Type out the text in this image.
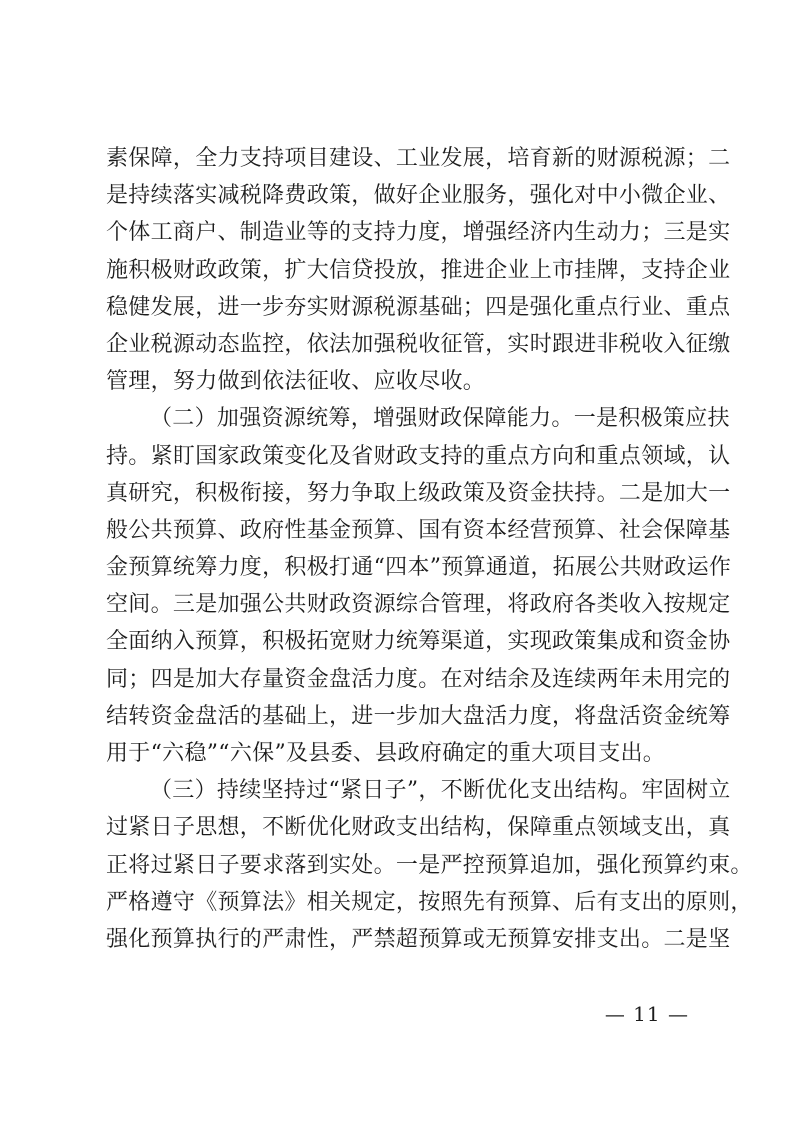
素保障，全力支持项目建设、工业发展，培育新的财源税源；二
是持续落实减税降费政策，做好企业服务，强化对中小微企业、
个体工商户、制造业等的支持力度，增强经济内生动力；三是实
施积极财政政策，扩大信贷投放，推进企业上市挂牌，支持企业
稳健发展，进一步夯实财源税源基础；四是强化重点行业、重点
企业税源动态监控，依法加强税收征管，实时跟进非税收入征缴
管理，努力做到依法征收、应收尽收。
（二）加强资源统筹，增强财政保障能力。一是积极策应扶
持。紧盯国家政策变化及省财政支持的重点方向和重点领域，认
真研究，积极衔接，努力争取上级政策及资金扶持。二是加大一
般公共预算、政府性基金预算、国有资本经营预算、社会保障基
金预算统筹力度，积极打通“四本”预算通道，拓展公共财政运作
空间。三是加强公共财政资源综合管理，将政府各类收入按规定
全面纳入预算，积极拓宽财力统筹渠道，实现政策集成和资金协
同；四是加大存量资金盘活力度。在对结余及连续两年未用完的
结转资金盘活的基础上，进一步加大盘活力度，将盘活资金统筹
用于“六稳”“六保”及县委、县政府确定的重大项目支出。
（三）持续坚持过“紧日子”，不断优化支出结构。牢固树立
过紧日子思想，不断优化财政支出结构，保障重点领域支出，真
正将过紧日子要求落到实处。一是严控预算追加，强化预算约束。
严格遵守《预算法》相关规定，按照先有预算、后有支出的原则，
强化预算执行的严肃性，严禁超预算或无预算安排支出。二是坚
— 11 —
